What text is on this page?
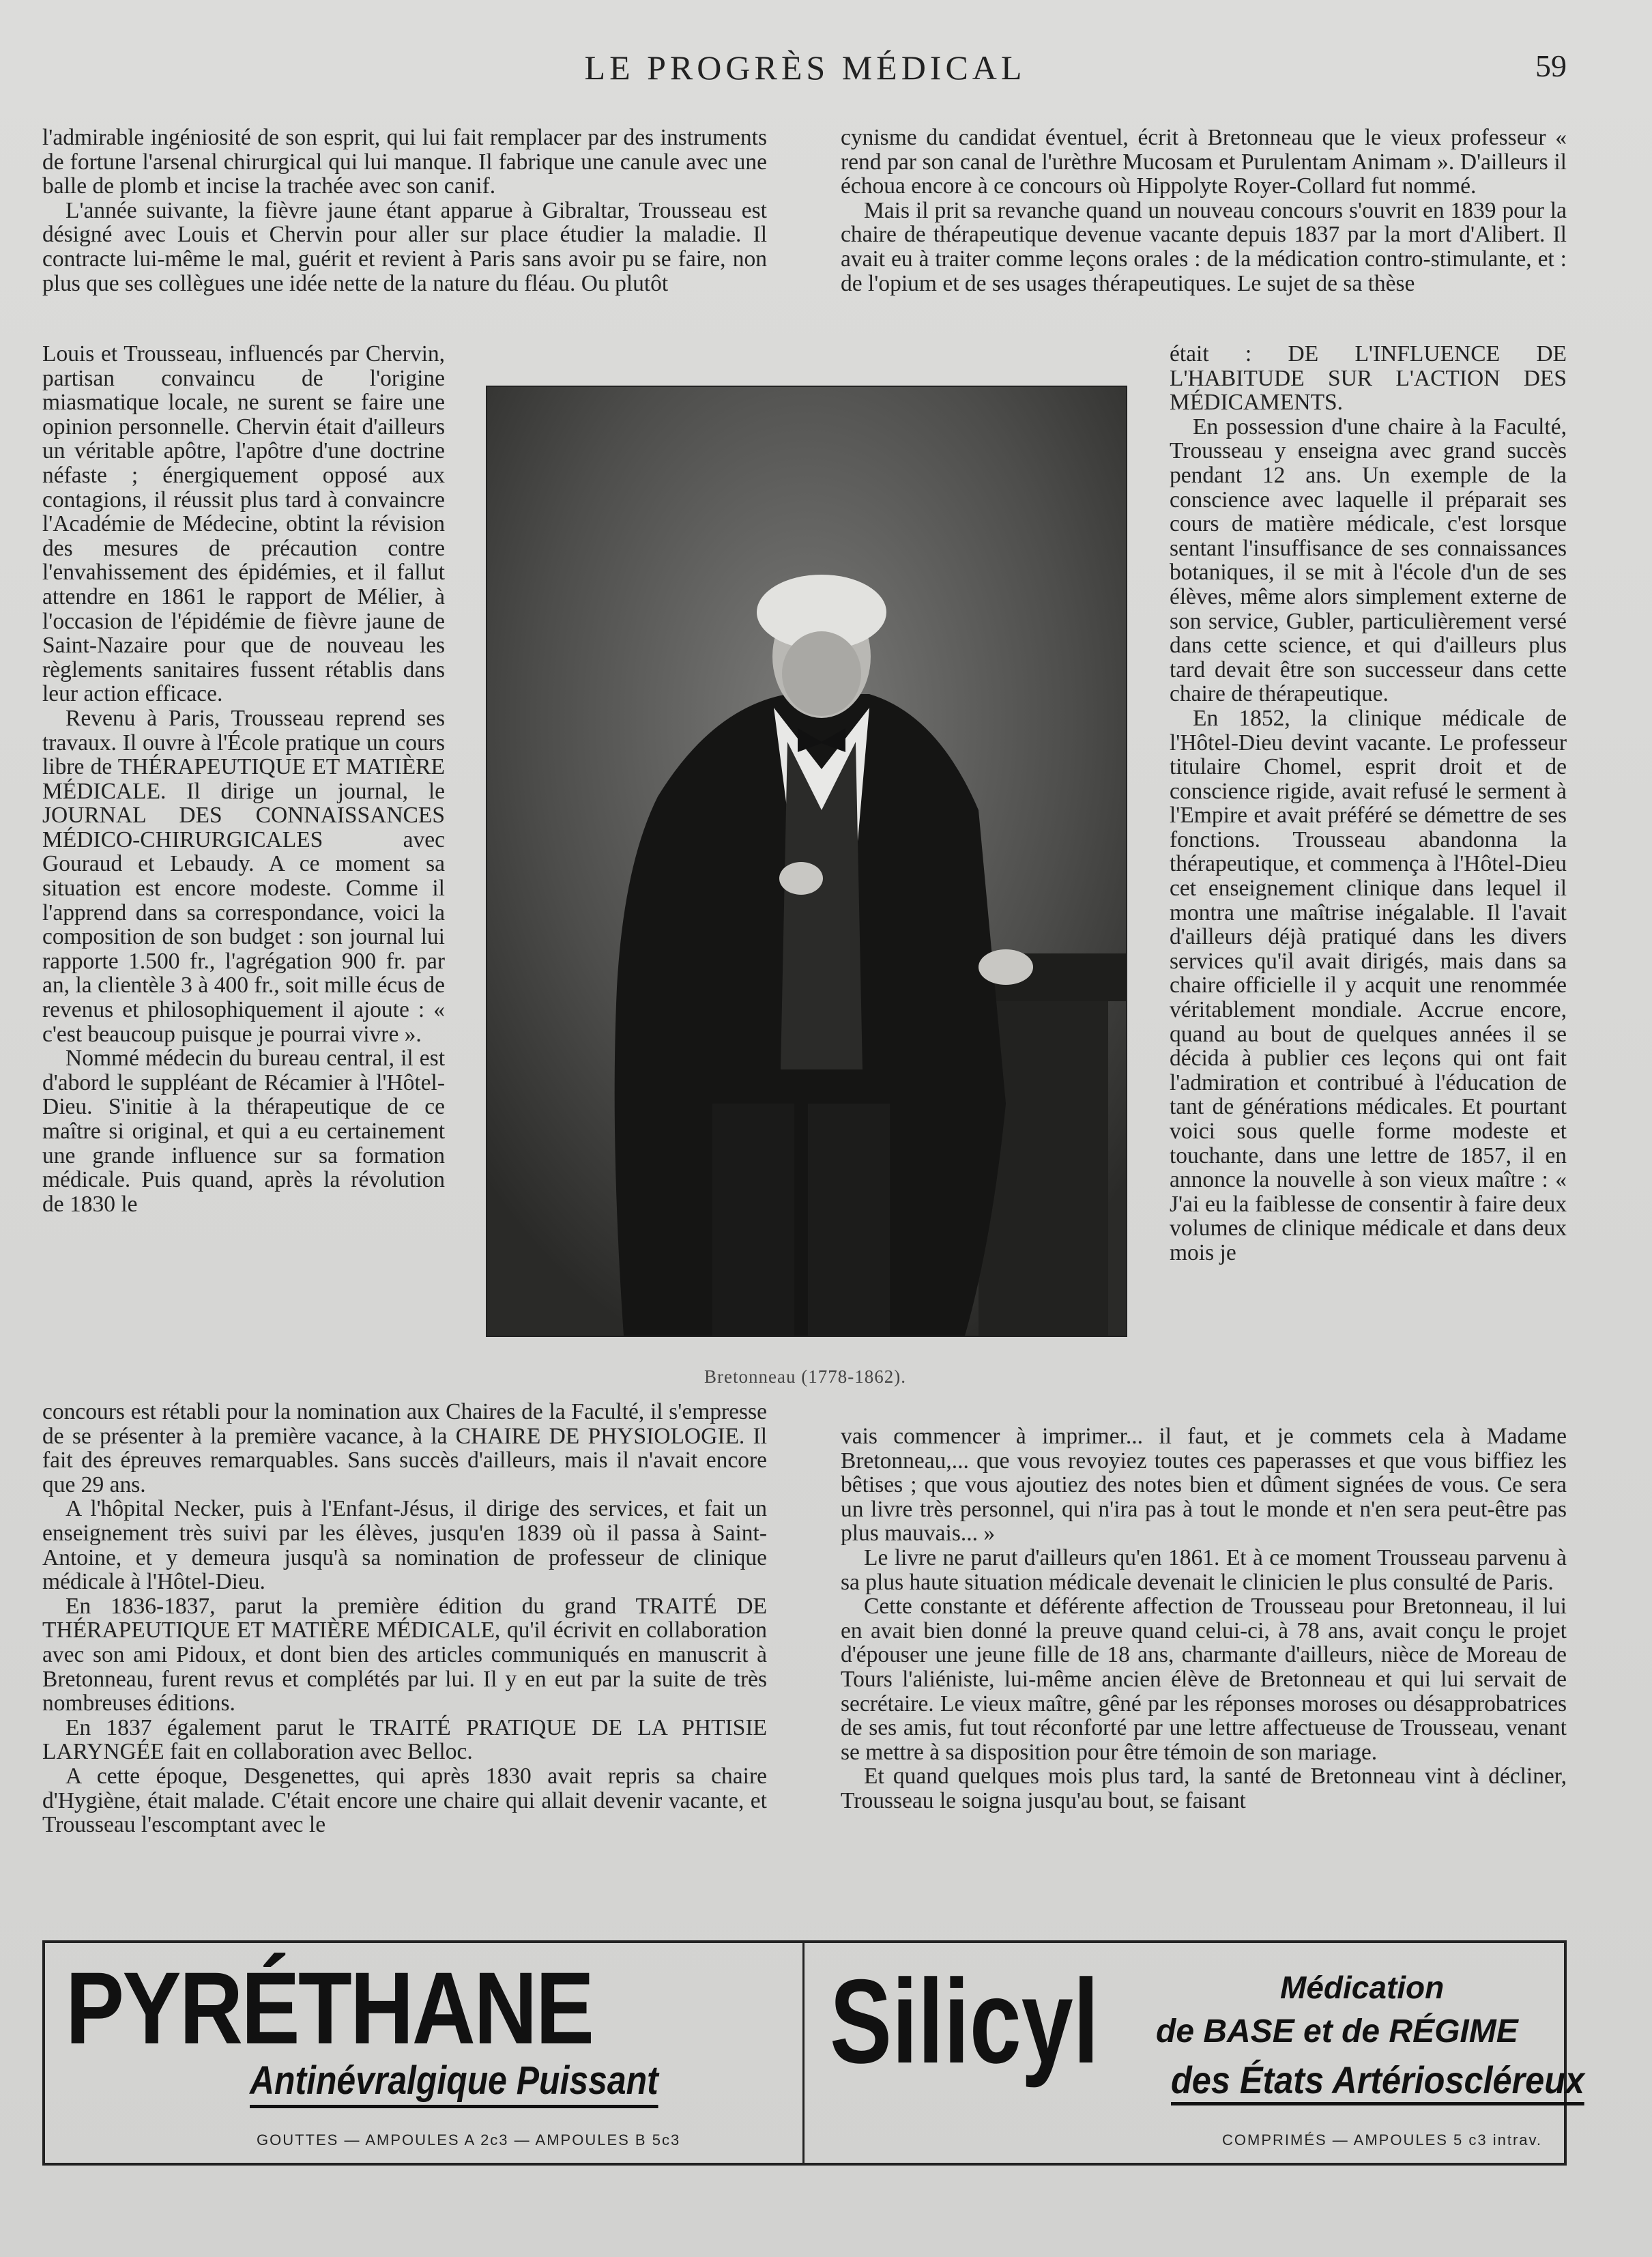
LE PROGRÈS MÉDICAL	59

l'admirable ingéniosité de son esprit, qui lui fait remplacer par des instruments de fortune l'arsenal chirurgical qui lui manque. Il fabrique une canule avec une balle de plomb et incise la trachée avec son canif.

L'année suivante, la fièvre jaune étant apparue à Gibraltar, Trousseau est désigné avec Louis et Chervin pour aller sur place étudier la maladie. Il contracte lui-même le mal, guérit et revient à Paris sans avoir pu se faire, non plus que ses collègues une idée nette de la nature du fléau. Ou plutôt

Louis et Trousseau, influencés par Chervin, partisan convaincu de l'origine miasmatique locale, ne surent se faire une opinion personnelle. Chervin était d'ailleurs un véritable apôtre, l'apôtre d'une doctrine néfaste ; énergiquement opposé aux contagions, il réussit plus tard à convaincre l'Académie de Médecine, obtint la révision des mesures de précaution contre l'envahissement des épidémies, et il fallut attendre en 1861 le rapport de Mélier, à l'occasion de l'épidémie de fièvre jaune de Saint-Nazaire pour que de nouveau les règlements sanitaires fussent rétablis dans leur action efficace.

Revenu à Paris, Trousseau reprend ses travaux. Il ouvre à l'École pratique un cours libre de THÉRAPEUTIQUE ET MATIÈRE MÉDICALE. Il dirige un journal, le JOURNAL DES CONNAISSANCES MÉDICO-CHIRURGICALES avec Gouraud et Lebaudy. A ce moment sa situation est encore modeste. Comme il l'apprend dans sa correspondance, voici la composition de son budget : son journal lui rapporte 1.500 fr., l'agrégation 900 fr. par an, la clientèle 3 à 400 fr., soit mille écus de revenus et philosophiquement il ajoute : « c'est beaucoup puisque je pourrai vivre ».

Nommé médecin du bureau central, il est d'abord le suppléant de Récamier à l'Hôtel-Dieu. S'initie à la thérapeutique de ce maître si original, et qui a eu certainement une grande influence sur sa formation médicale. Puis quand, après la révolution de 1830 le

concours est rétabli pour la nomination aux Chaires de la Faculté, il s'empresse de se présenter à la première vacance, à la CHAIRE DE PHYSIOLOGIE. Il fait des épreuves remarquables. Sans succès d'ailleurs, mais il n'avait encore que 29 ans.

A l'hôpital Necker, puis à l'Enfant-Jésus, il dirige des services, et fait un enseignement très suivi par les élèves, jusqu'en 1839 où il passa à Saint-Antoine, et y demeura jusqu'à sa nomination de professeur de clinique médicale à l'Hôtel-Dieu.

En 1836-1837, parut la première édition du grand TRAITÉ DE THÉRAPEUTIQUE ET MATIÈRE MÉDICALE, qu'il écrivit en collaboration avec son ami Pidoux, et dont bien des articles communiqués en manuscrit à Bretonneau, furent revus et complétés par lui. Il y en eut par la suite de très nombreuses éditions.

En 1837 également parut le TRAITÉ PRATIQUE DE LA PHTISIE LARYNGÉE fait en collaboration avec Belloc.

A cette époque, Desgenettes, qui après 1830 avait repris sa chaire d'Hygiène, était malade. C'était encore une chaire qui allait devenir vacante, et Trousseau l'escomptant avec le

Bretonneau (1778-1862).

cynisme du candidat éventuel, écrit à Bretonneau que le vieux professeur « rend par son canal de l'urèthre Mucosam et Purulentam Animam ». D'ailleurs il échoua encore à ce concours où Hippolyte Royer-Collard fut nommé.

Mais il prit sa revanche quand un nouveau concours s'ouvrit en 1839 pour la chaire de thérapeutique devenue vacante depuis 1837 par la mort d'Alibert. Il avait eu à traiter comme leçons orales : de la médication contro-stimulante, et : de l'opium et de ses usages thérapeutiques. Le sujet de sa thèse

était : DE L'INFLUENCE DE L'HABITUDE SUR L'ACTION DES MÉDICAMENTS.

En possession d'une chaire à la Faculté, Trousseau y enseigna avec grand succès pendant 12 ans. Un exemple de la conscience avec laquelle il préparait ses cours de matière médicale, c'est lorsque sentant l'insuffisance de ses connaissances botaniques, il se mit à l'école d'un de ses élèves, même alors simplement externe de son service, Gubler, particulièrement versé dans cette science, et qui d'ailleurs plus tard devait être son successeur dans cette chaire de thérapeutique.

En 1852, la clinique médicale de l'Hôtel-Dieu devint vacante. Le professeur titulaire Chomel, esprit droit et de conscience rigide, avait refusé le serment à l'Empire et avait préféré se démettre de ses fonctions. Trousseau abandonna la thérapeutique, et commença à l'Hôtel-Dieu cet enseignement clinique dans lequel il montra une maîtrise inégalable. Il l'avait d'ailleurs déjà pratiqué dans les divers services qu'il avait dirigés, mais dans sa chaire officielle il y acquit une renommée véritablement mondiale. Accrue encore, quand au bout de quelques années il se décida à publier ces leçons qui ont fait l'admiration et contribué à l'éducation de tant de générations médicales. Et pourtant voici sous quelle forme modeste et touchante, dans une lettre de 1857, il en annonce la nouvelle à son vieux maître : « J'ai eu la faiblesse de consentir à faire deux volumes de clinique médicale et dans deux mois je

vais commencer à imprimer... il faut, et je commets cela à Madame Bretonneau,... que vous revoyiez toutes ces paperasses et que vous biffiez les bêtises ; que vous ajoutiez des notes bien et dûment signées de vous. Ce sera un livre très personnel, qui n'ira pas à tout le monde et n'en sera peut-être pas plus mauvais... »

Le livre ne parut d'ailleurs qu'en 1861. Et à ce moment Trousseau parvenu à sa plus haute situation médicale devenait le clinicien le plus consulté de Paris.

Cette constante et déférente affection de Trousseau pour Bretonneau, il lui en avait bien donné la preuve quand celui-ci, à 78 ans, avait conçu le projet d'épouser une jeune fille de 18 ans, charmante d'ailleurs, nièce de Moreau de Tours l'aliéniste, lui-même ancien élève de Bretonneau et qui lui servait de secrétaire. Le vieux maître, gêné par les réponses moroses ou désapprobatrices de ses amis, fut tout réconforté par une lettre affectueuse de Trousseau, venant se mettre à sa disposition pour être témoin de son mariage.

Et quand quelques mois plus tard, la santé de Bretonneau vint à décliner, Trousseau le soigna jusqu'au bout, se faisant

PYRÉTHANE
Antinévralgique Puissant
GOUTTES — AMPOULES A 2c3 — AMPOULES B 5c3
Silicyl	Médication
de BASE et de RÉGIME
des États Artérioscléreux
COMPRIMÉS — AMPOULES 5 c3 intrav.
